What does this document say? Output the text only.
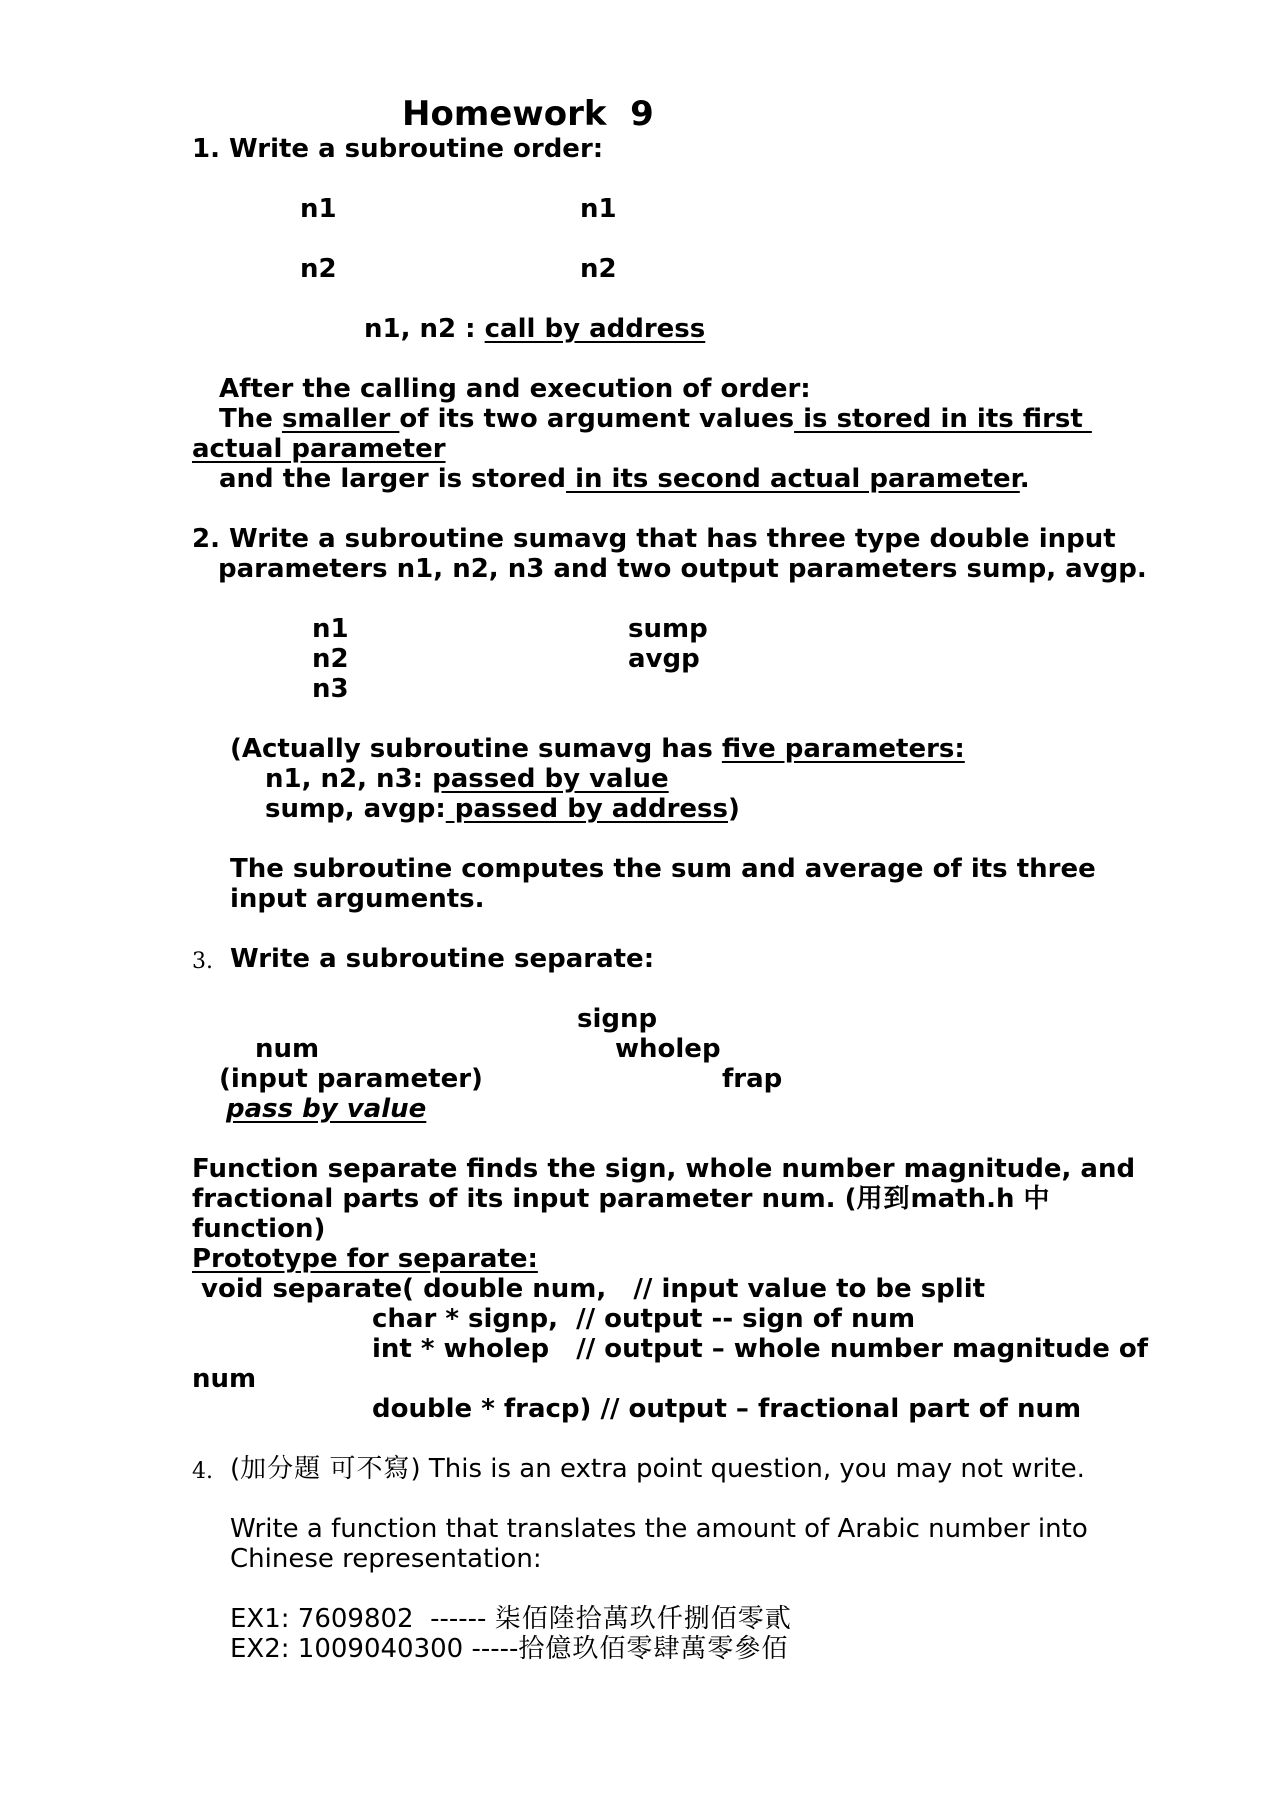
Homework  9
1. Write a subroutine order:
n1	n1
n2	n2
n1, n2 : call by address
After the calling and execution of order:
The smaller of its two argument values is stored in its first
actual parameter
and the larger is stored in its second actual parameter.
2. Write a subroutine sumavg that has three type double input
parameters n1, n2, n3 and two output parameters sump, avgp.
n1	sump
n2	avgp
n3
(Actually subroutine sumavg has five parameters:
n1, n2, n3: passed by value
sump, avgp: passed by address)
The subroutine computes the sum and average of its three
input arguments.
3. Write a subroutine separate:
signp
num	wholep
(input parameter)	frap
pass by value
Function separate finds the sign, whole number magnitude, and
fractional parts of its input parameter num. (用到math.h 中
function)
Prototype for separate:
void separate( double num,   // input value to be split
char * signp,  // output -- sign of num
int * wholep   // output – whole number magnitude of
num
double * fracp) // output – fractional part of num
4. (加分題 可不寫) This is an extra point question, you may not write.
Write a function that translates the amount of Arabic number into
Chinese representation:
EX1: 7609802  ------ 柒佰陸拾萬玖仟捌佰零貳
EX2: 1009040300 -----拾億玖佰零肆萬零參佰
